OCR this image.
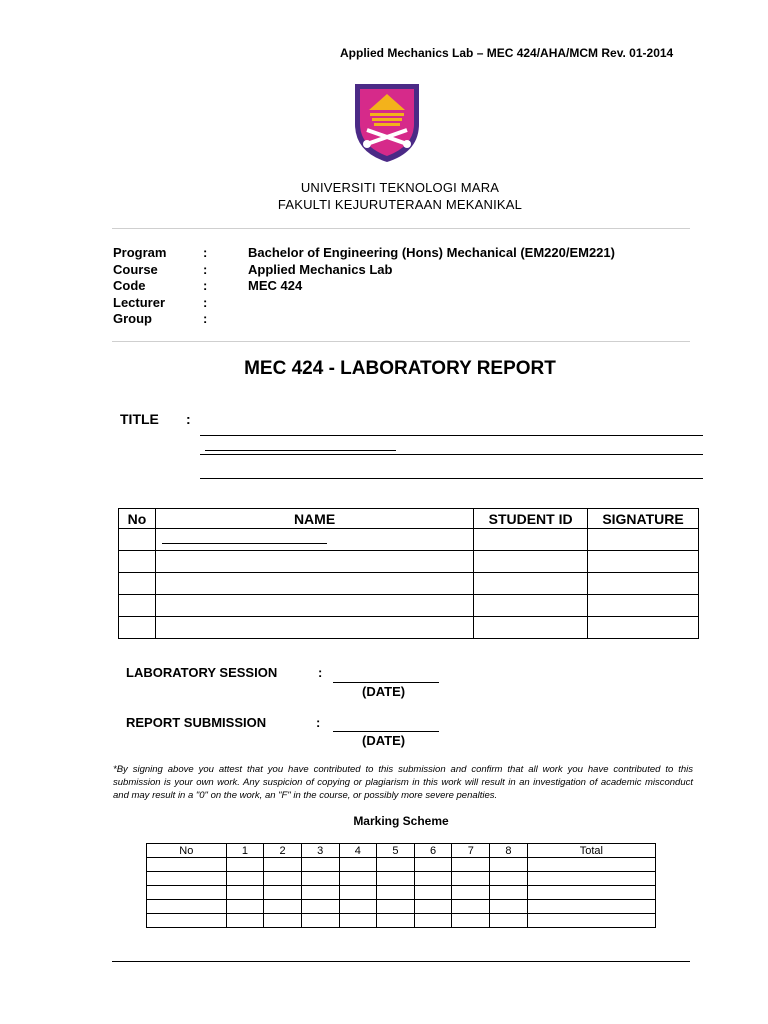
Applied Mechanics Lab – MEC 424/AHA/MCM Rev. 01-2014
UNIVERSITI TEKNOLOGI MARA
FAKULTI KEJURUTERAAN MEKANIKAL
Program	:	Bachelor of Engineering (Hons) Mechanical (EM220/EM221)
Course	:	Applied Mechanics Lab
Code	:	MEC 424
Lecturer	:
Group	:
MEC 424 - LABORATORY REPORT
TITLE :
No	NAME	STUDENT ID	SIGNATURE

LABORATORY SESSION	:
(DATE)
REPORT SUBMISSION	:
(DATE)
*By signing above you attest that you have contributed to this submission and confirm that all work you have contributed to this submission is your own work. Any suspicion of copying or plagiarism in this work will result in an investigation of academic misconduct and may result in a "0" on the work, an "F" in the course, or possibly more severe penalties.
Marking Scheme
No	1	2	3	4	5	6	7	8	Total
